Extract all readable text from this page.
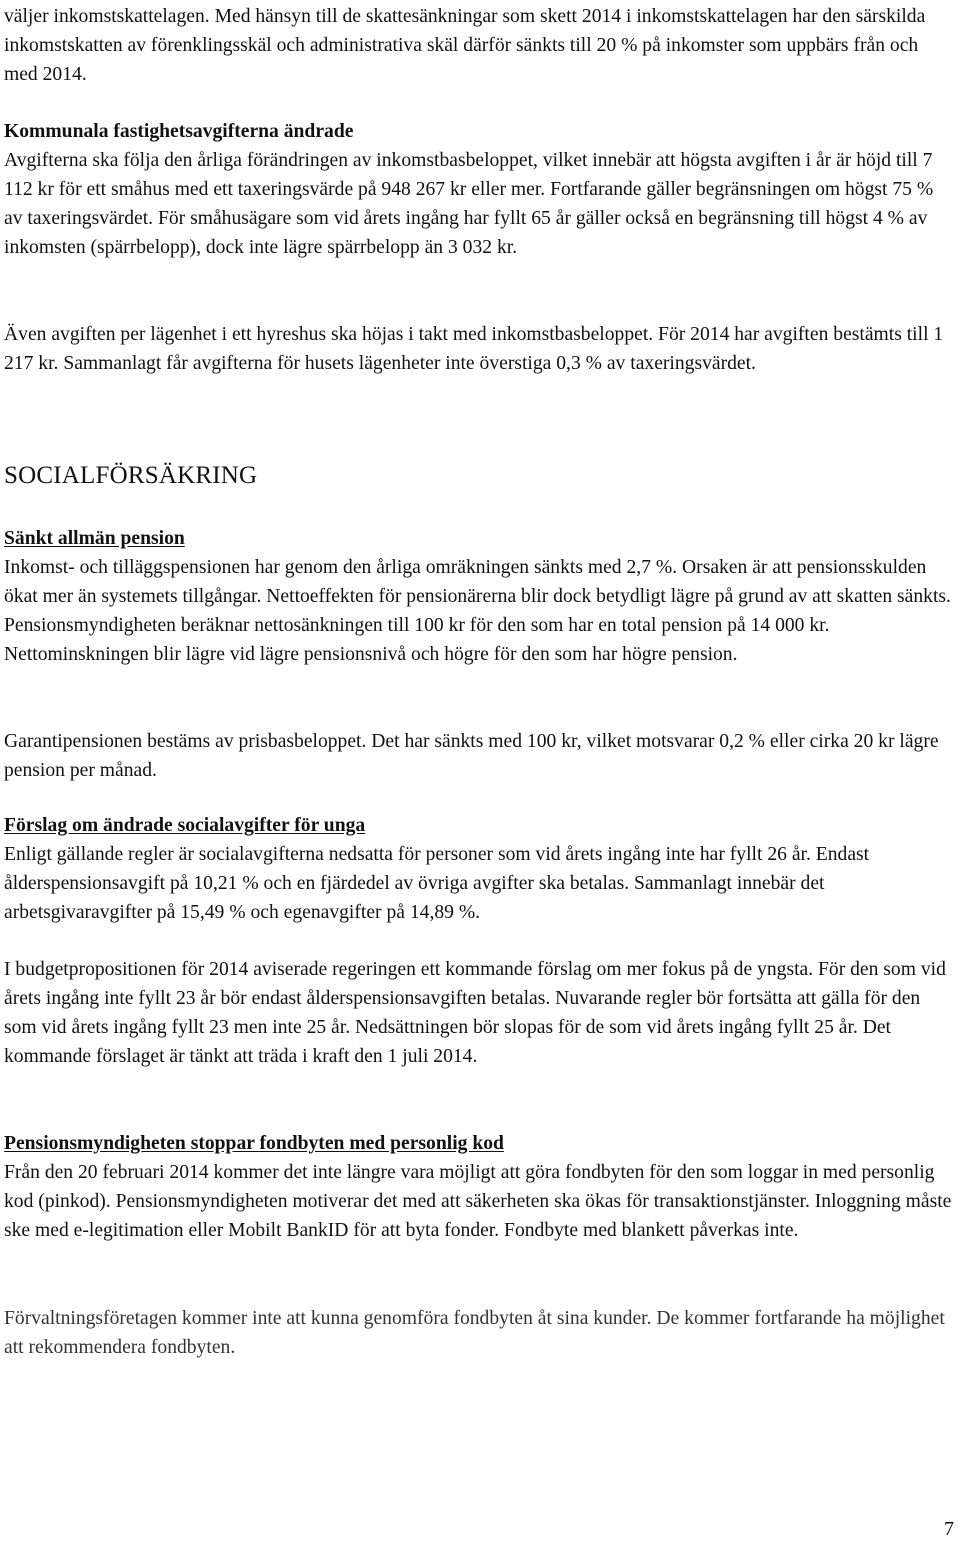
väljer inkomstskattelagen. Med hänsyn till de skattesänkningar som skett 2014 i inkomstskattelagen har den särskilda inkomstskatten av förenklingsskäl och administrativa skäl därför sänkts till 20 % på inkomster som uppbärs från och med 2014.

Kommunala fastighetsavgifterna ändrade

Avgifterna ska följa den årliga förändringen av inkomstbasbeloppet, vilket innebär att högsta avgiften i år är höjd till 7 112 kr för ett småhus med ett taxeringsvärde på 948 267 kr eller mer. Fortfarande gäller begränsningen om högst 75 % av taxeringsvärdet. För småhusägare som vid årets ingång har fyllt 65 år gäller också en begränsning till högst 4 % av inkomsten (spärrbelopp), dock inte lägre spärrbelopp än 3 032 kr.

Även avgiften per lägenhet i ett hyreshus ska höjas i takt med inkomstbasbeloppet. För 2014 har avgiften bestämts till 1 217 kr. Sammanlagt får avgifterna för husets lägenheter inte överstiga 0,3 % av taxeringsvärdet.

SOCIALFÖRSÄKRING

Sänkt allmän pension

Inkomst- och tilläggspensionen har genom den årliga omräkningen sänkts med 2,7 %. Orsaken är att pensionsskulden ökat mer än systemets tillgångar. Nettoeffekten för pensionärerna blir dock betydligt lägre på grund av att skatten sänkts. Pensionsmyndigheten beräknar nettosänkningen till 100 kr för den som har en total pension på 14 000 kr. Nettominskningen blir lägre vid lägre pensionsnivå och högre för den som har högre pension.

Garantipensionen bestäms av prisbasbeloppet. Det har sänkts med 100 kr, vilket motsvarar 0,2 % eller cirka 20 kr lägre pension per månad.

Förslag om ändrade socialavgifter för unga

Enligt gällande regler är socialavgifterna nedsatta för personer som vid årets ingång inte har fyllt 26 år. Endast ålderspensionsavgift på 10,21 % och en fjärdedel av övriga avgifter ska betalas. Sammanlagt innebär det arbetsgivaravgifter på 15,49 % och egenavgifter på 14,89 %.

I budgetpropositionen för 2014 aviserade regeringen ett kommande förslag om mer fokus på de yngsta. För den som vid årets ingång inte fyllt 23 år bör endast ålderspensionsavgiften betalas. Nuvarande regler bör fortsätta att gälla för den som vid årets ingång fyllt 23 men inte 25 år. Nedsättningen bör slopas för de som vid årets ingång fyllt 25 år. Det kommande förslaget är tänkt att träda i kraft den 1 juli 2014.

Pensionsmyndigheten stoppar fondbyten med personlig kod

Från den 20 februari 2014 kommer det inte längre vara möjligt att göra fondbyten för den som loggar in med personlig kod (pinkod). Pensionsmyndigheten motiverar det med att säkerheten ska ökas för transaktionstjänster. Inloggning måste ske med e-legitimation eller Mobilt BankID för att byta fonder. Fondbyte med blankett påverkas inte.

Förvaltningsföretagen kommer inte att kunna genomföra fondbyten åt sina kunder. De kommer fortfarande ha möjlighet att rekommendera fondbyten.

7
